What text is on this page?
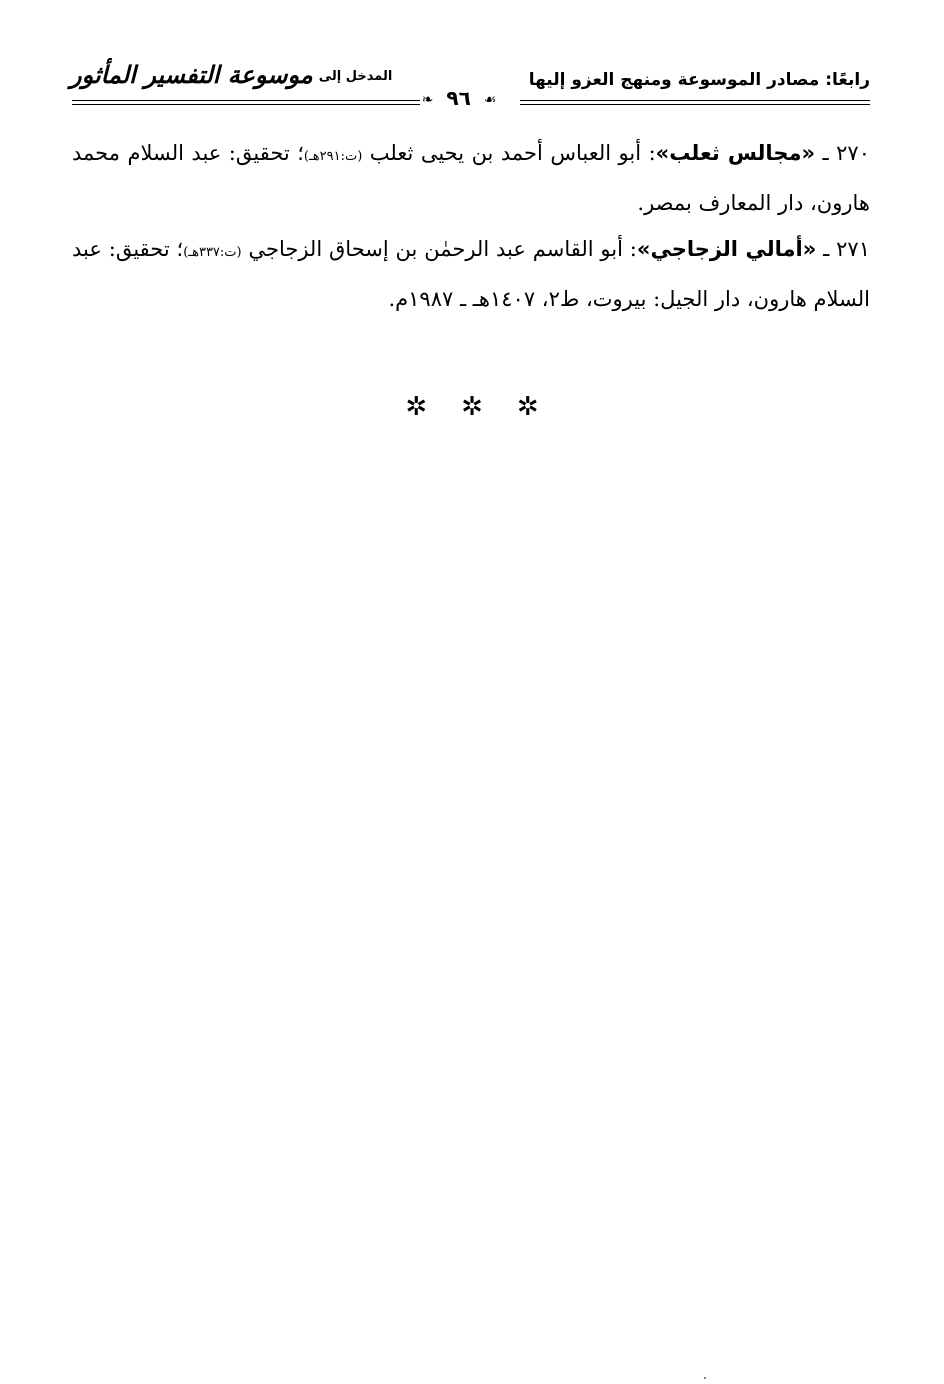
رابعًا: مصادر الموسوعة ومنهج العزو إليها
المدخل إلى
موسوعة التفسير المأثور
☙ ٩٦ ❧

٢٧٠ ـ «مجالس ثعلب»: أبو العباس أحمد بن يحيى ثعلب (ت:٢٩١هـ)؛ تحقيق: عبد السلام محمد هارون، دار المعارف بمصر.

٢٧١ ـ «أمالي الزجاجي»: أبو القاسم عبد الرحمٰن بن إسحاق الزجاجي (ت:٣٣٧هـ)؛ تحقيق: عبد السلام هارون، دار الجيل: بيروت، ط٢، ١٤٠٧هـ ـ ١٩٨٧م.

✲✲✲
